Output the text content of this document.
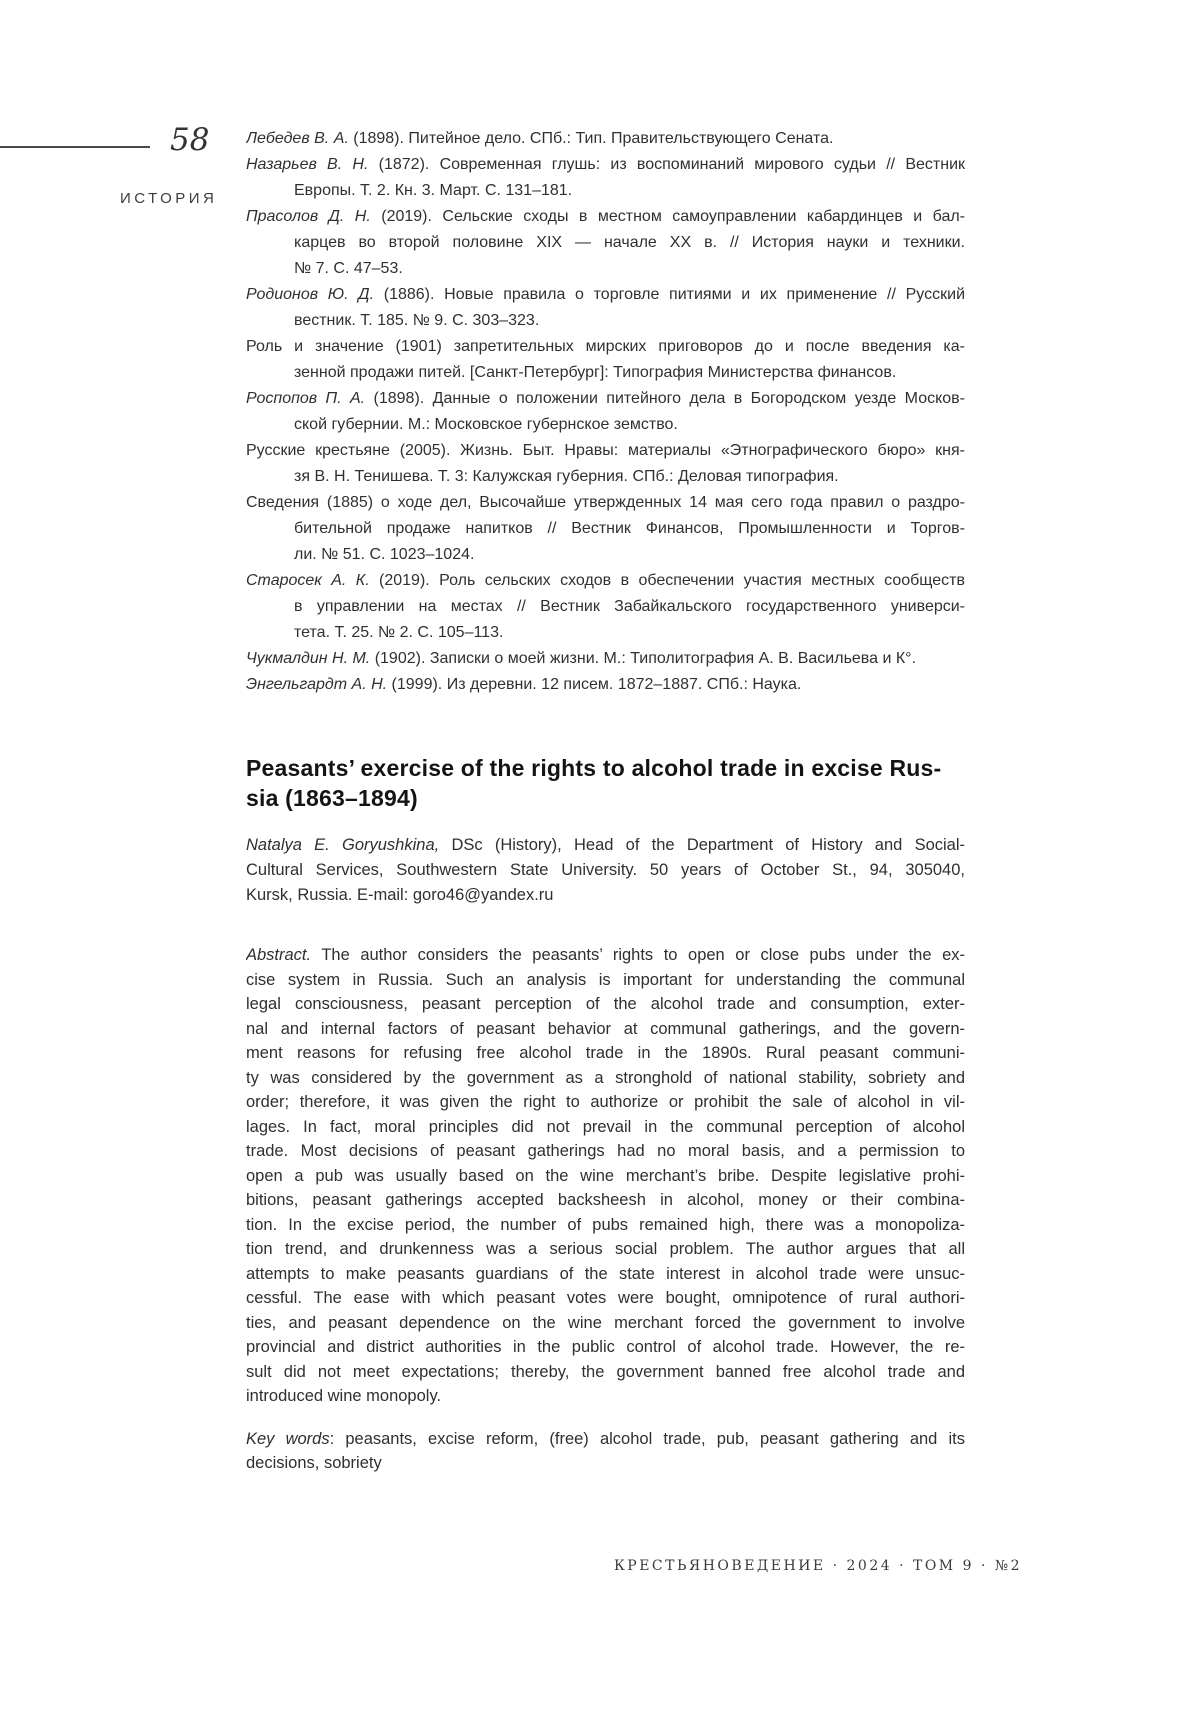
58
ИСТОРИЯ
Лебедев В. А. (1898). Питейное дело. СПб.: Тип. Правительствующего Сената.
Назарьев В. Н. (1872). Современная глушь: из воспоминаний мирового судьи // Вестник
Европы. Т. 2. Кн. 3. Март. С. 131–181.
Прасолов Д. Н. (2019). Сельские сходы в местном самоуправлении кабардинцев и бал-
карцев во второй половине XIX — начале XX в. // История науки и техники.
№ 7. С. 47–53.
Родионов Ю. Д. (1886). Новые правила о торговле питиями и их применение // Русский
вестник. Т. 185. № 9. С. 303–323.
Роль и значение (1901) запретительных мирских приговоров до и после введения ка-
зенной продажи питей. [Санкт-Петербург]: Типография Министерства финансов.
Роспопов П. А. (1898). Данные о положении питейного дела в Богородском уезде Москов-
ской губернии. М.: Московское губернское земство.
Русские крестьяне (2005). Жизнь. Быт. Нравы: материалы «Этнографического бюро» кня-
зя В. Н. Тенишева. Т. 3: Калужская губерния. СПб.: Деловая типография.
Сведения (1885) о ходе дел, Высочайше утвержденных 14 мая сего года правил о раздро-
бительной продаже напитков // Вестник Финансов, Промышленности и Торгов-
ли. № 51. С. 1023–1024.
Старосек А. К. (2019). Роль сельских сходов в обеспечении участия местных сообществ
в управлении на местах // Вестник Забайкальского государственного универси-
тета. Т. 25. № 2. С. 105–113.
Чукмалдин Н. М. (1902). Записки о моей жизни. М.: Типолитография А. В. Васильева и К°.
Энгельгардт А. Н. (1999). Из деревни. 12 писем. 1872–1887. СПб.: Наука.
Peasants’ exercise of the rights to alcohol trade in excise Rus-
sia (1863–1894)
Natalya E. Goryushkina, DSc (History), Head of the Department of History and Social-
Cultural Services, Southwestern State University. 50 years of October St., 94, 305040,
Kursk, Russia. E-mail: goro46@yandex.ru
Abstract. The author considers the peasants’ rights to open or close pubs under the ex-
cise system in Russia. Such an analysis is important for understanding the communal
legal consciousness, peasant perception of the alcohol trade and consumption, exter-
nal and internal factors of peasant behavior at communal gatherings, and the govern-
ment reasons for refusing free alcohol trade in the 1890s. Rural peasant communi-
ty was considered by the government as a stronghold of national stability, sobriety and
order; therefore, it was given the right to authorize or prohibit the sale of alcohol in vil-
lages. In fact, moral principles did not prevail in the communal perception of alcohol
trade. Most decisions of peasant gatherings had no moral basis, and a permission to
open a pub was usually based on the wine merchant’s bribe. Despite legislative prohi-
bitions, peasant gatherings accepted backsheesh in alcohol, money or their combina-
tion. In the excise period, the number of pubs remained high, there was a monopoliza-
tion trend, and drunkenness was a serious social problem. The author argues that all
attempts to make peasants guardians of the state interest in alcohol trade were unsuc-
cessful. The ease with which peasant votes were bought, omnipotence of rural authori-
ties, and peasant dependence on the wine merchant forced the government to involve
provincial and district authorities in the public control of alcohol trade. However, the re-
sult did not meet expectations; thereby, the government banned free alcohol trade and
introduced wine monopoly.
Key words: peasants, excise reform, (free) alcohol trade, pub, peasant gathering and its
decisions, sobriety
КРЕСТЬЯНОВЕДЕНИЕ · 2024 · ТОМ 9 · №2
